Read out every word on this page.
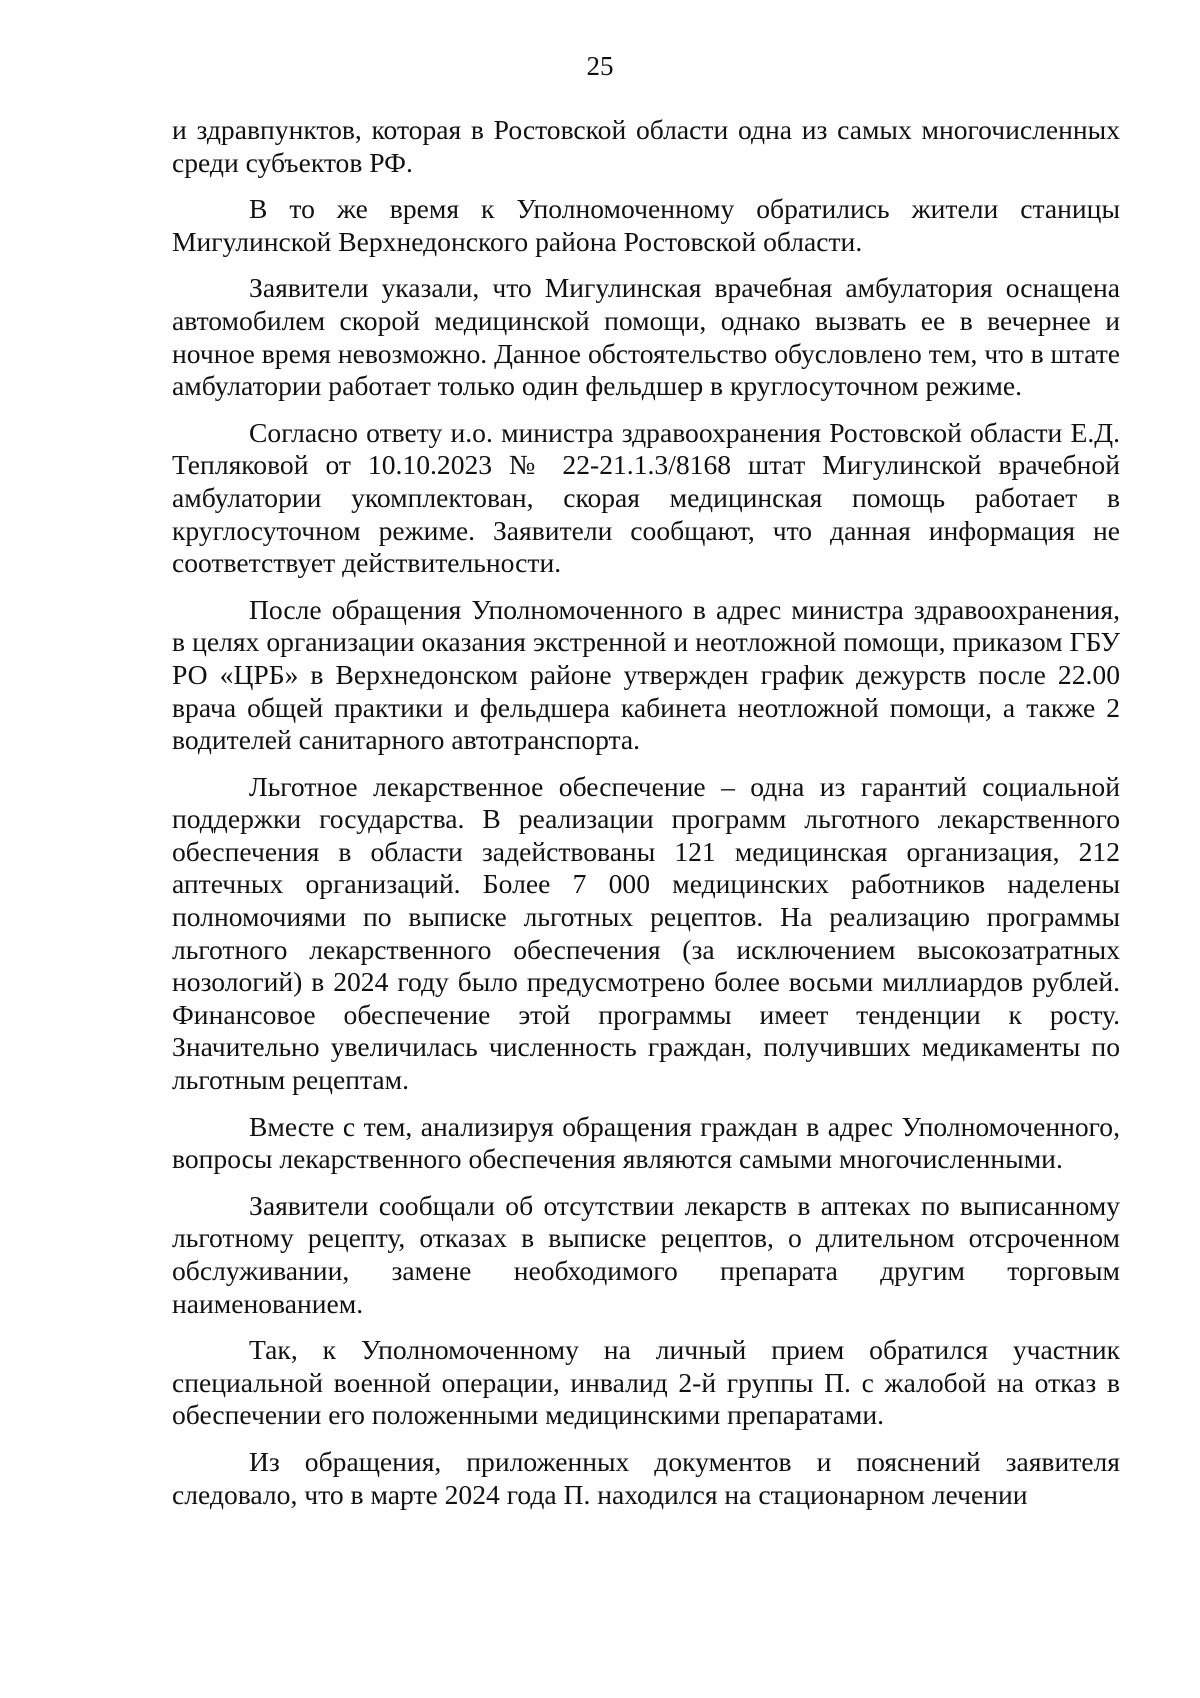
25

и здравпунктов, которая в Ростовской области одна из самых многочисленных среди субъектов РФ.

В то же время к Уполномоченному обратились жители станицы Мигулинской Верхнедонского района Ростовской области.

Заявители указали, что Мигулинская врачебная амбулатория оснащена автомобилем скорой медицинской помощи, однако вызвать ее в вечернее и ночное время невозможно. Данное обстоятельство обусловлено тем, что в штате амбулатории работает только один фельдшер в круглосуточном режиме.

Согласно ответу и.о. министра здравоохранения Ростовской области Е.Д. Тепляковой от 10.10.2023 № 22-21.1.3/8168 штат Мигулинской врачебной амбулатории укомплектован, скорая медицинская помощь работает в круглосуточном режиме. Заявители сообщают, что данная информация не соответствует действительности.

После обращения Уполномоченного в адрес министра здравоохранения, в целях организации оказания экстренной и неотложной помощи, приказом ГБУ РО «ЦРБ» в Верхнедонском районе утвержден график дежурств после 22.00 врача общей практики и фельдшера кабинета неотложной помощи, а также 2 водителей санитарного автотранспорта.

Льготное лекарственное обеспечение – одна из гарантий социальной поддержки государства. В реализации программ льготного лекарственного обеспечения в области задействованы 121 медицинская организация, 212 аптечных организаций. Более 7 000 медицинских работников наделены полномочиями по выписке льготных рецептов. На реализацию программы льготного лекарственного обеспечения (за исключением высокозатратных нозологий) в 2024 году было предусмотрено более восьми миллиардов рублей. Финансовое обеспечение этой программы имеет тенденции к росту. Значительно увеличилась численность граждан, получивших медикаменты по льготным рецептам.

Вместе с тем, анализируя обращения граждан в адрес Уполномоченного, вопросы лекарственного обеспечения являются самыми многочисленными.

Заявители сообщали об отсутствии лекарств в аптеках по выписанному льготному рецепту, отказах в выписке рецептов, о длительном отсроченном обслуживании, замене необходимого препарата другим торговым наименованием.

Так, к Уполномоченному на личный прием обратился участник специальной военной операции, инвалид 2-й группы П. с жалобой на отказ в обеспечении его положенными медицинскими препаратами.

Из обращения, приложенных документов и пояснений заявителя следовало, что в марте 2024 года П. находился на стационарном лечении
